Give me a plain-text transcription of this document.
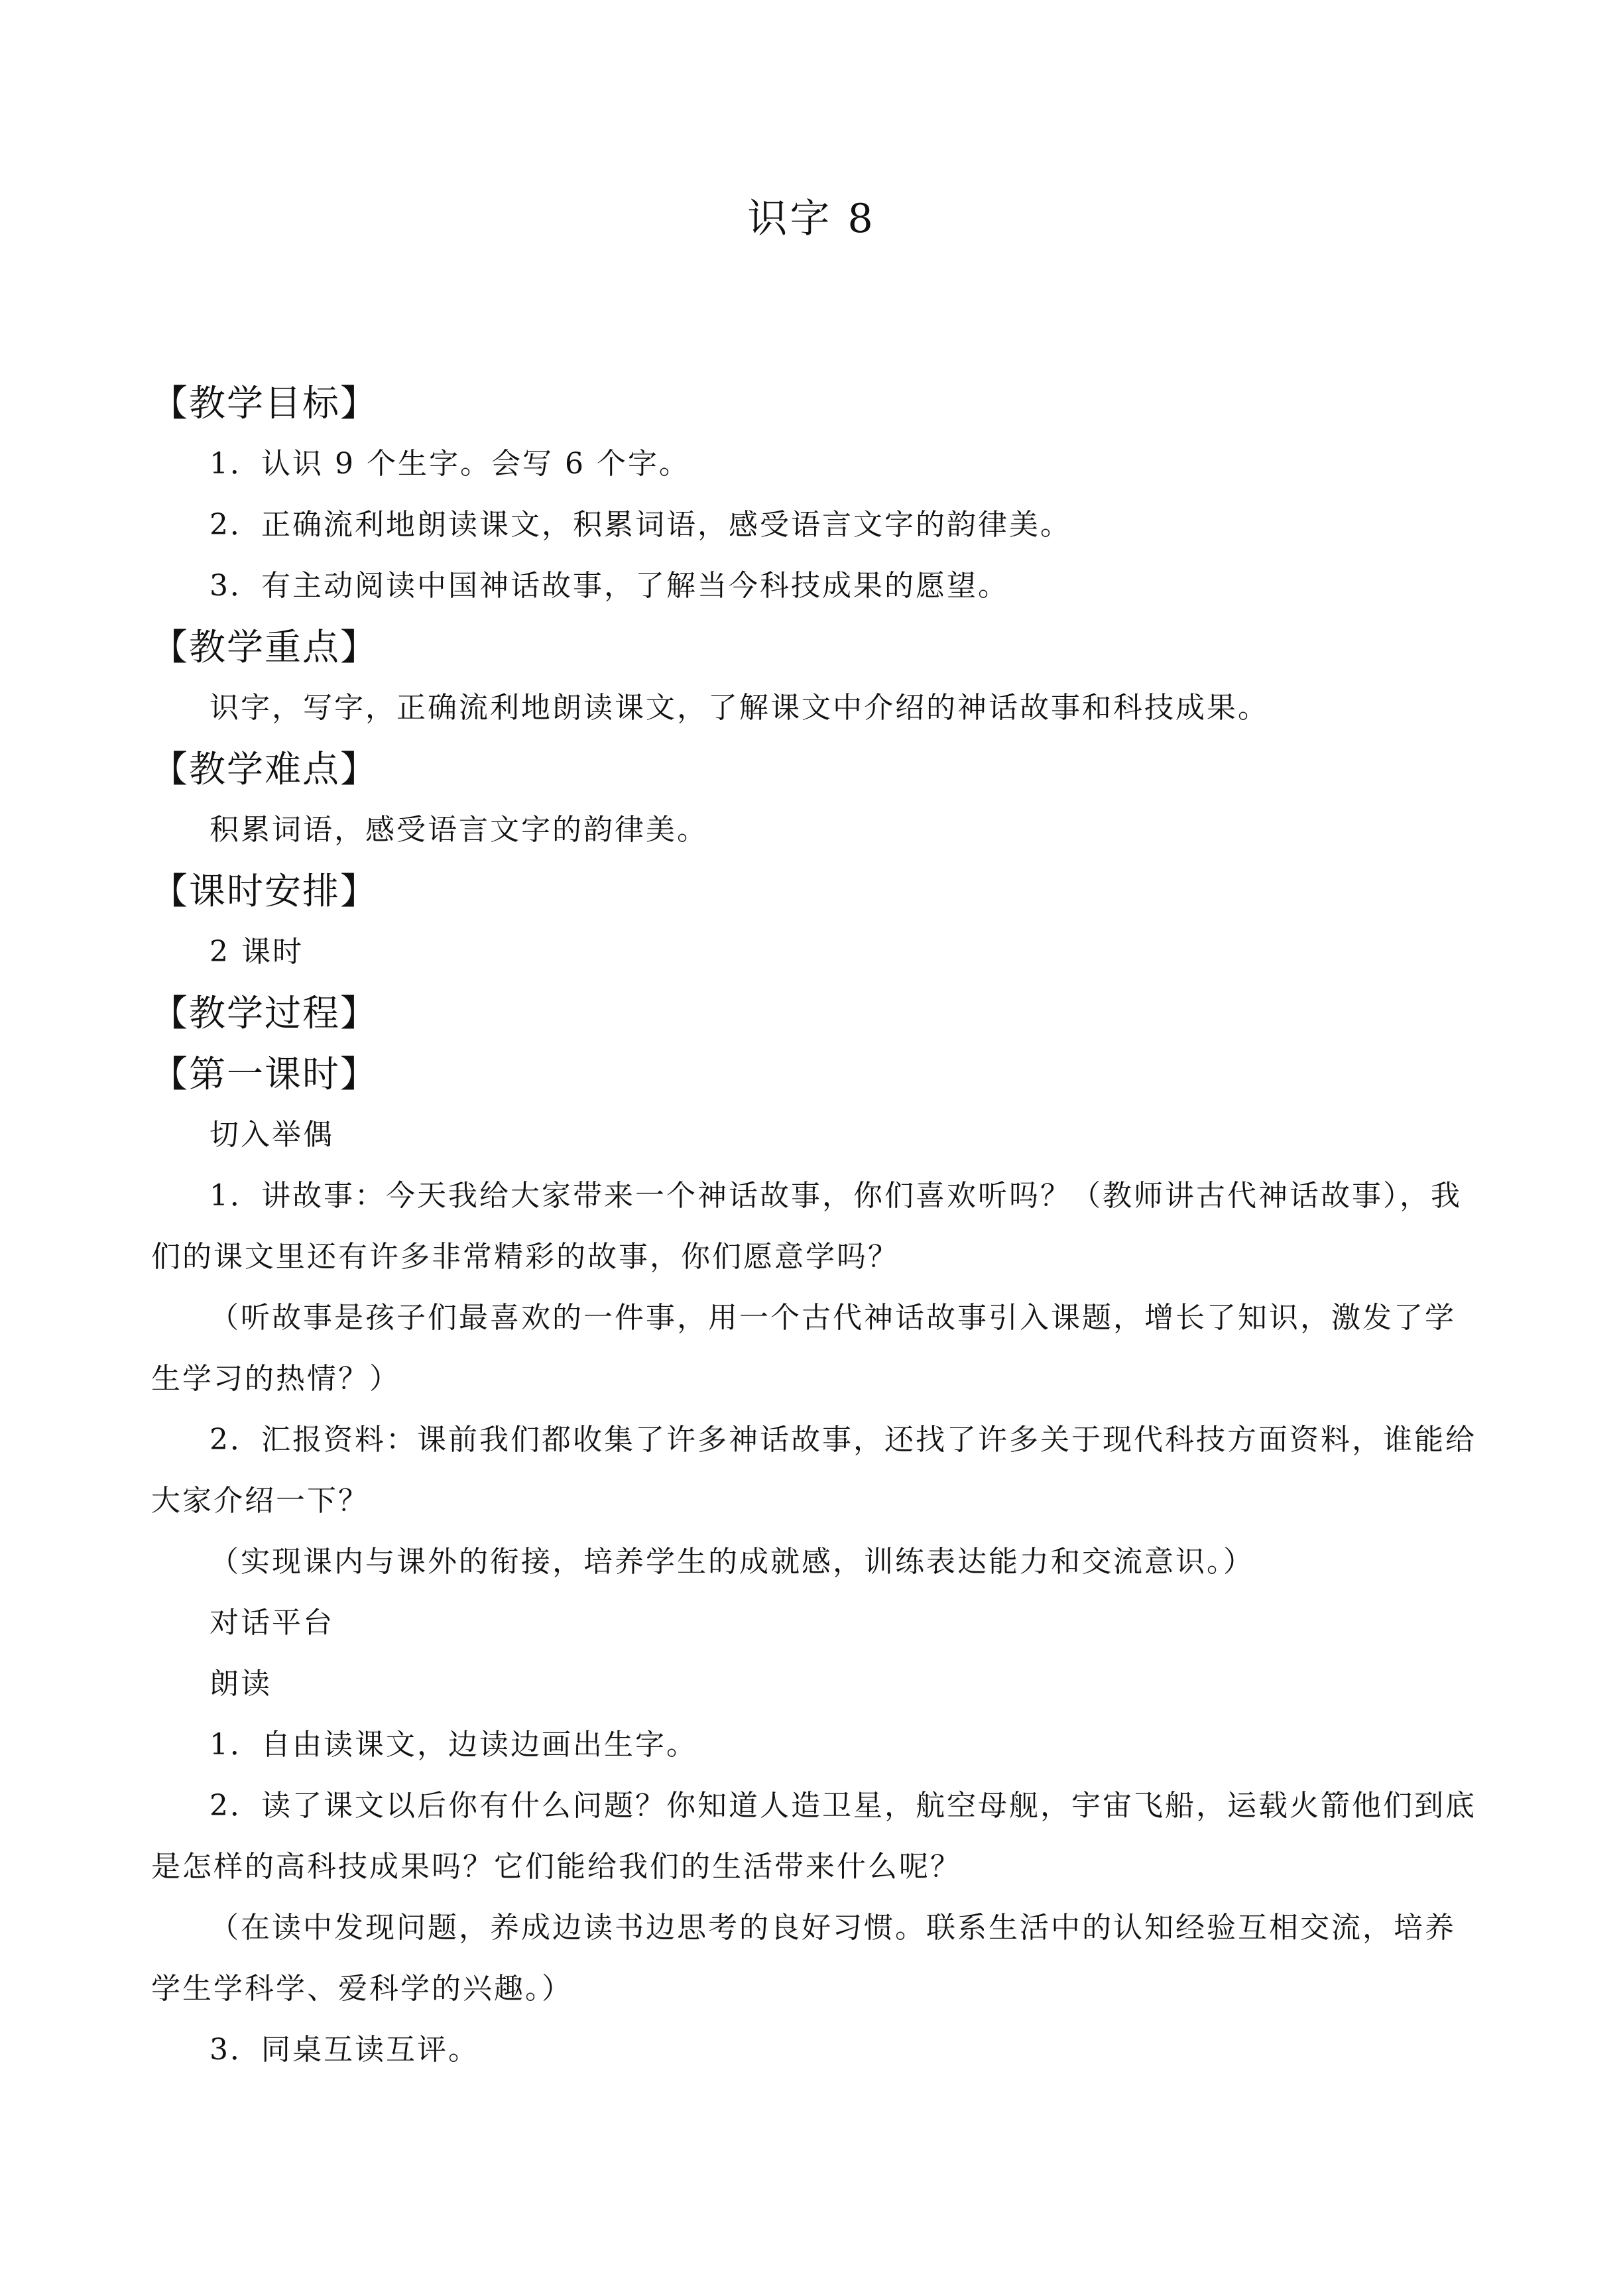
识字 8
【教学目标】
1．认识 9 个生字。会写 6 个字。
2．正确流利地朗读课文，积累词语，感受语言文字的韵律美。
3．有主动阅读中国神话故事，了解当今科技成果的愿望。
【教学重点】
识字，写字，正确流利地朗读课文，了解课文中介绍的神话故事和科技成果。
【教学难点】
积累词语，感受语言文字的韵律美。
【课时安排】
2 课时
【教学过程】
【第一课时】
切入举偶
1．讲故事：今天我给大家带来一个神话故事，你们喜欢听吗？（教师讲古代神话故事），我们的课文里还有许多非常精彩的故事，你们愿意学吗？
（听故事是孩子们最喜欢的一件事，用一个古代神话故事引入课题，增长了知识，激发了学生学习的热情？）
2．汇报资料：课前我们都收集了许多神话故事，还找了许多关于现代科技方面资料，谁能给大家介绍一下？
（实现课内与课外的衔接，培养学生的成就感，训练表达能力和交流意识。）
对话平台
朗读
1．自由读课文，边读边画出生字。
2．读了课文以后你有什么问题？你知道人造卫星，航空母舰，宇宙飞船，运载火箭他们到底是怎样的高科技成果吗？它们能给我们的生活带来什么呢？
（在读中发现问题，养成边读书边思考的良好习惯。联系生活中的认知经验互相交流，培养学生学科学、爱科学的兴趣。）
3．同桌互读互评。
